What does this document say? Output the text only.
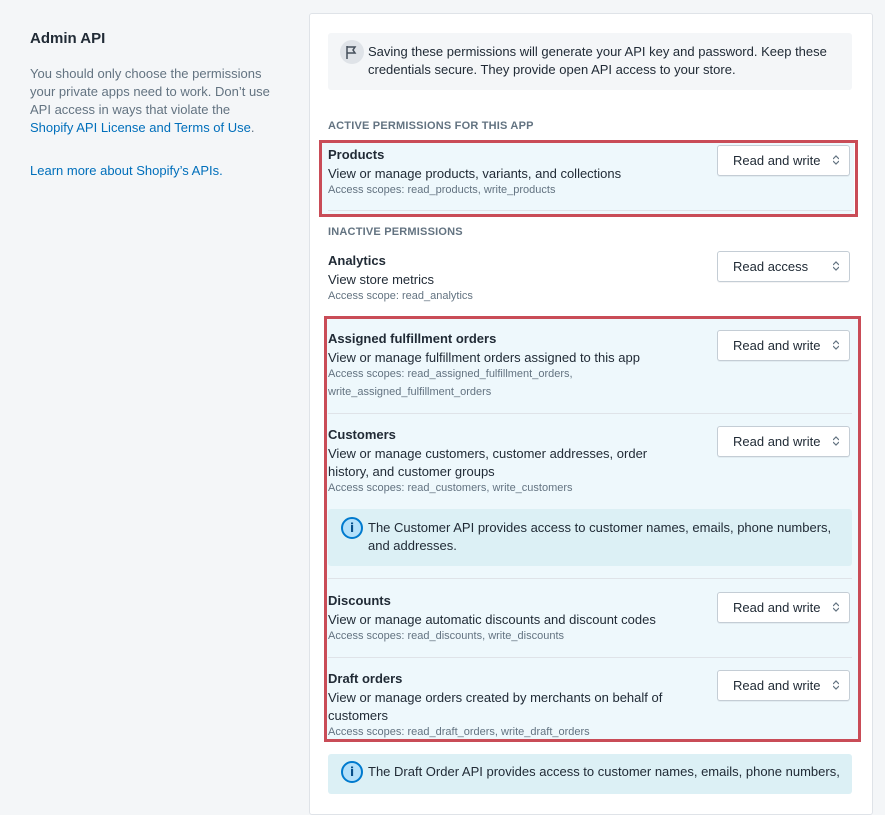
Admin API

You should only choose the permissions your private apps need to work. Don’t use API access in ways that violate the Shopify API License and Terms of Use.

Learn more about Shopify’s APIs.
Saving these permissions will generate your API key and password. Keep these credentials secure. They provide open API access to your store.
ACTIVE PERMISSIONS FOR THIS APP
Products
View or manage products, variants, and collections
Access scopes: read_products, write_products
Read and write
INACTIVE PERMISSIONS
Analytics
View store metrics
Access scope: read_analytics
Read access
Assigned fulfillment orders
View or manage fulfillment orders assigned to this app
Access scopes: read_assigned_fulfillment_orders, write_assigned_fulfillment_orders
Read and write
Customers
View or manage customers, customer addresses, order history, and customer groups
Access scopes: read_customers, write_customers
Read and write
i	The Customer API provides access to customer names, emails, phone numbers, and addresses.
Discounts
View or manage automatic discounts and discount codes
Access scopes: read_discounts, write_discounts
Read and write
Draft orders
View or manage orders created by merchants on behalf of customers
Access scopes: read_draft_orders, write_draft_orders
Read and write
i	The Draft Order API provides access to customer names, emails, phone numbers,
